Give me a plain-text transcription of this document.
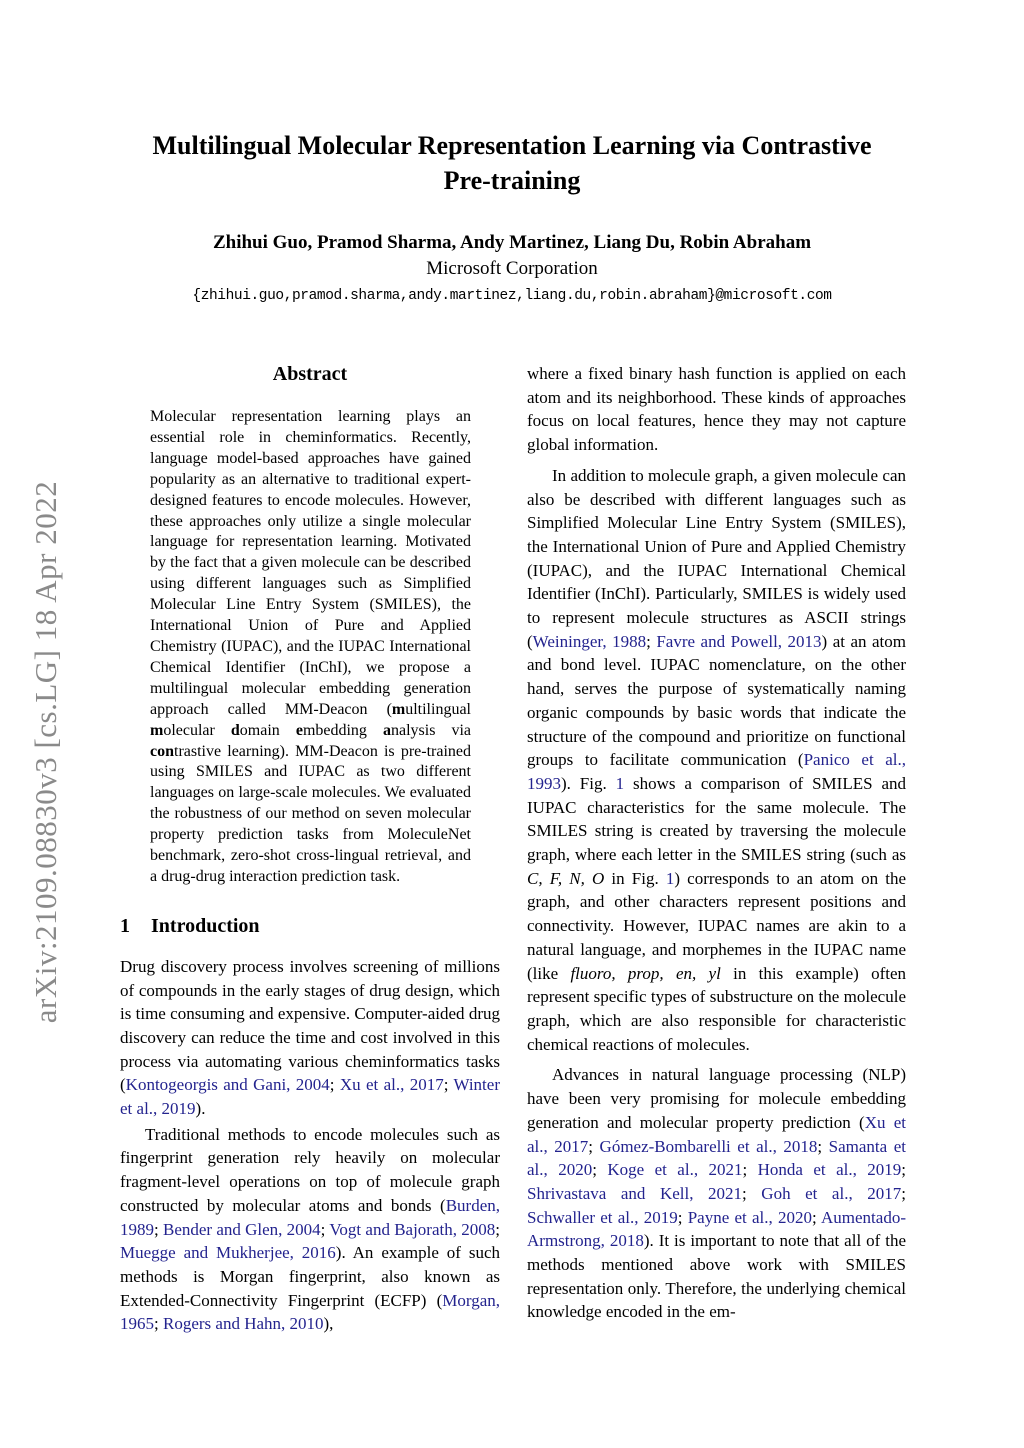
arXiv:2109.08830v3 [cs.LG] 18 Apr 2022
Multilingual Molecular Representation Learning via Contrastive Pre-training
Zhihui Guo, Pramod Sharma, Andy Martinez, Liang Du, Robin Abraham
Microsoft Corporation
{zhihui.guo,pramod.sharma,andy.martinez,liang.du,robin.abraham}@microsoft.com
Abstract

Molecular representation learning plays an essential role in cheminformatics. Recently, language model-based approaches have gained popularity as an alternative to traditional expert-designed features to encode molecules. However, these approaches only utilize a single molecular language for representation learning. Motivated by the fact that a given molecule can be described using different languages such as Simplified Molecular Line Entry System (SMILES), the International Union of Pure and Applied Chemistry (IUPAC), and the IUPAC International Chemical Identifier (InChI), we propose a multilingual molecular embedding generation approach called MM-Deacon (multilingual molecular domain embedding analysis via contrastive learning). MM-Deacon is pre-trained using SMILES and IUPAC as two different languages on large-scale molecules. We evaluated the robustness of our method on seven molecular property prediction tasks from MoleculeNet benchmark, zero-shot cross-lingual retrieval, and a drug-drug interaction prediction task.

1 Introduction

Drug discovery process involves screening of millions of compounds in the early stages of drug design, which is time consuming and expensive. Computer-aided drug discovery can reduce the time and cost involved in this process via automating various cheminformatics tasks (Kontogeorgis and Gani, 2004; Xu et al., 2017; Winter et al., 2019).

Traditional methods to encode molecules such as fingerprint generation rely heavily on molecular fragment-level operations on top of molecule graph constructed by molecular atoms and bonds (Burden, 1989; Bender and Glen, 2004; Vogt and Bajorath, 2008; Muegge and Mukherjee, 2016). An example of such methods is Morgan fingerprint, also known as Extended-Connectivity Fingerprint (ECFP) (Morgan, 1965; Rogers and Hahn, 2010),

where a fixed binary hash function is applied on each atom and its neighborhood. These kinds of approaches focus on local features, hence they may not capture global information.

In addition to molecule graph, a given molecule can also be described with different languages such as Simplified Molecular Line Entry System (SMILES), the International Union of Pure and Applied Chemistry (IUPAC), and the IUPAC International Chemical Identifier (InChI). Particularly, SMILES is widely used to represent molecule structures as ASCII strings (Weininger, 1988; Favre and Powell, 2013) at an atom and bond level. IUPAC nomenclature, on the other hand, serves the purpose of systematically naming organic compounds by basic words that indicate the structure of the compound and prioritize on functional groups to facilitate communication (Panico et al., 1993). Fig. 1 shows a comparison of SMILES and IUPAC characteristics for the same molecule. The SMILES string is created by traversing the molecule graph, where each letter in the SMILES string (such as C, F, N, O in Fig. 1) corresponds to an atom on the graph, and other characters represent positions and connectivity. However, IUPAC names are akin to a natural language, and morphemes in the IUPAC name (like fluoro, prop, en, yl in this example) often represent specific types of substructure on the molecule graph, which are also responsible for characteristic chemical reactions of molecules.

Advances in natural language processing (NLP) have been very promising for molecule embedding generation and molecular property prediction (Xu et al., 2017; Gómez-Bombarelli et al., 2018; Samanta et al., 2020; Koge et al., 2021; Honda et al., 2019; Shrivastava and Kell, 2021; Goh et al., 2017; Schwaller et al., 2019; Payne et al., 2020; Aumentado-Armstrong, 2018). It is important to note that all of the methods mentioned above work with SMILES representation only. Therefore, the underlying chemical knowledge encoded in the em-
